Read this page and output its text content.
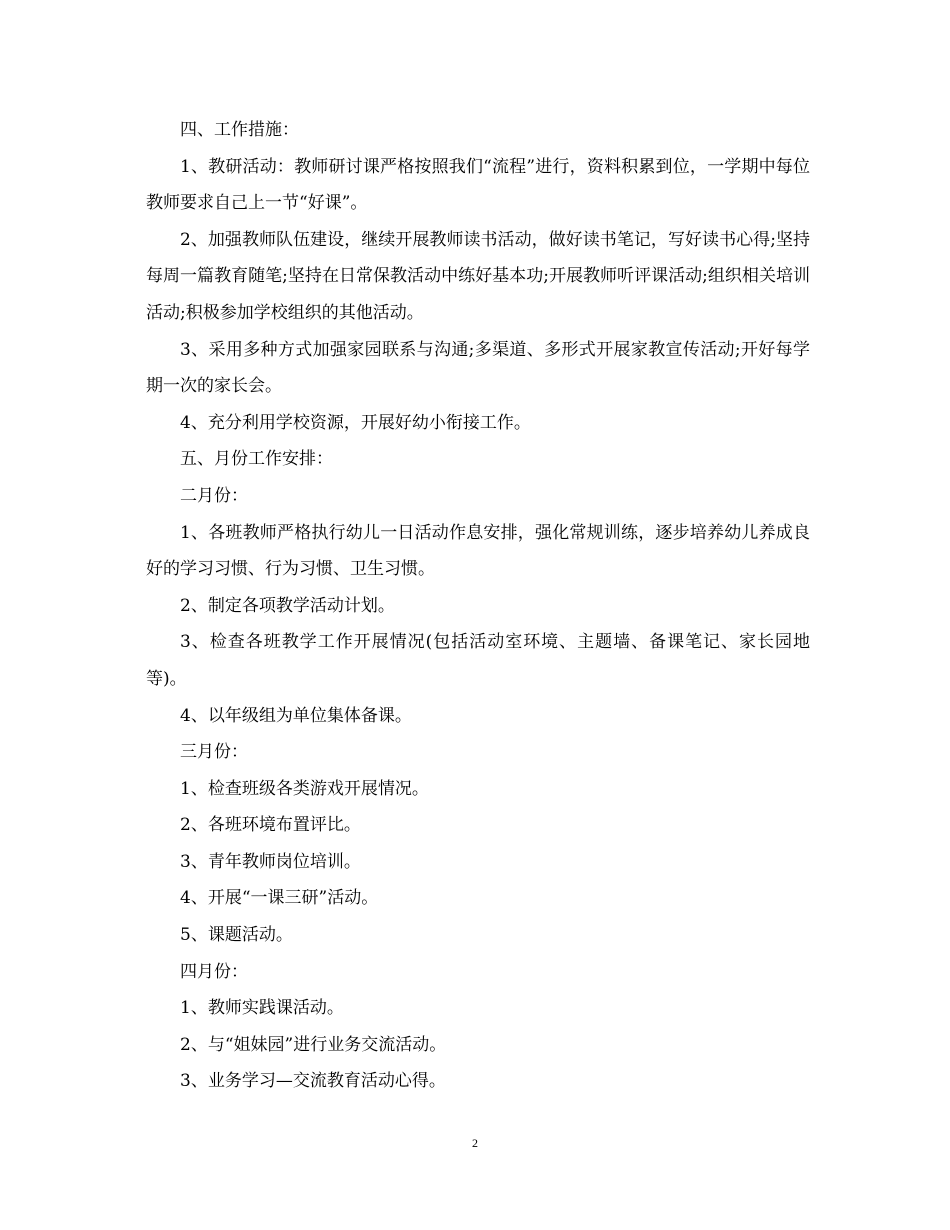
四、工作措施：

1、教研活动：教师研讨课严格按照我们“流程”进行，资料积累到位，一学期中每位教师要求自己上一节“好课”。

2、加强教师队伍建设，继续开展教师读书活动，做好读书笔记，写好读书心得;坚持每周一篇教育随笔;坚持在日常保教活动中练好基本功;开展教师听评课活动;组织相关培训活动;积极参加学校组织的其他活动。

3、采用多种方式加强家园联系与沟通;多渠道、多形式开展家教宣传活动;开好每学期一次的家长会。

4、充分利用学校资源，开展好幼小衔接工作。

五、月份工作安排：

二月份：

1、各班教师严格执行幼儿一日活动作息安排，强化常规训练，逐步培养幼儿养成良好的学习习惯、行为习惯、卫生习惯。

2、制定各项教学活动计划。

3、检查各班教学工作开展情况(包括活动室环境、主题墙、备课笔记、家长园地等)。

4、以年级组为单位集体备课。

三月份：

1、检查班级各类游戏开展情况。

2、各班环境布置评比。

3、青年教师岗位培训。

4、开展“一课三研”活动。

5、课题活动。

四月份：

1、教师实践课活动。

2、与“姐妹园”进行业务交流活动。

3、业务学习—交流教育活动心得。

2
